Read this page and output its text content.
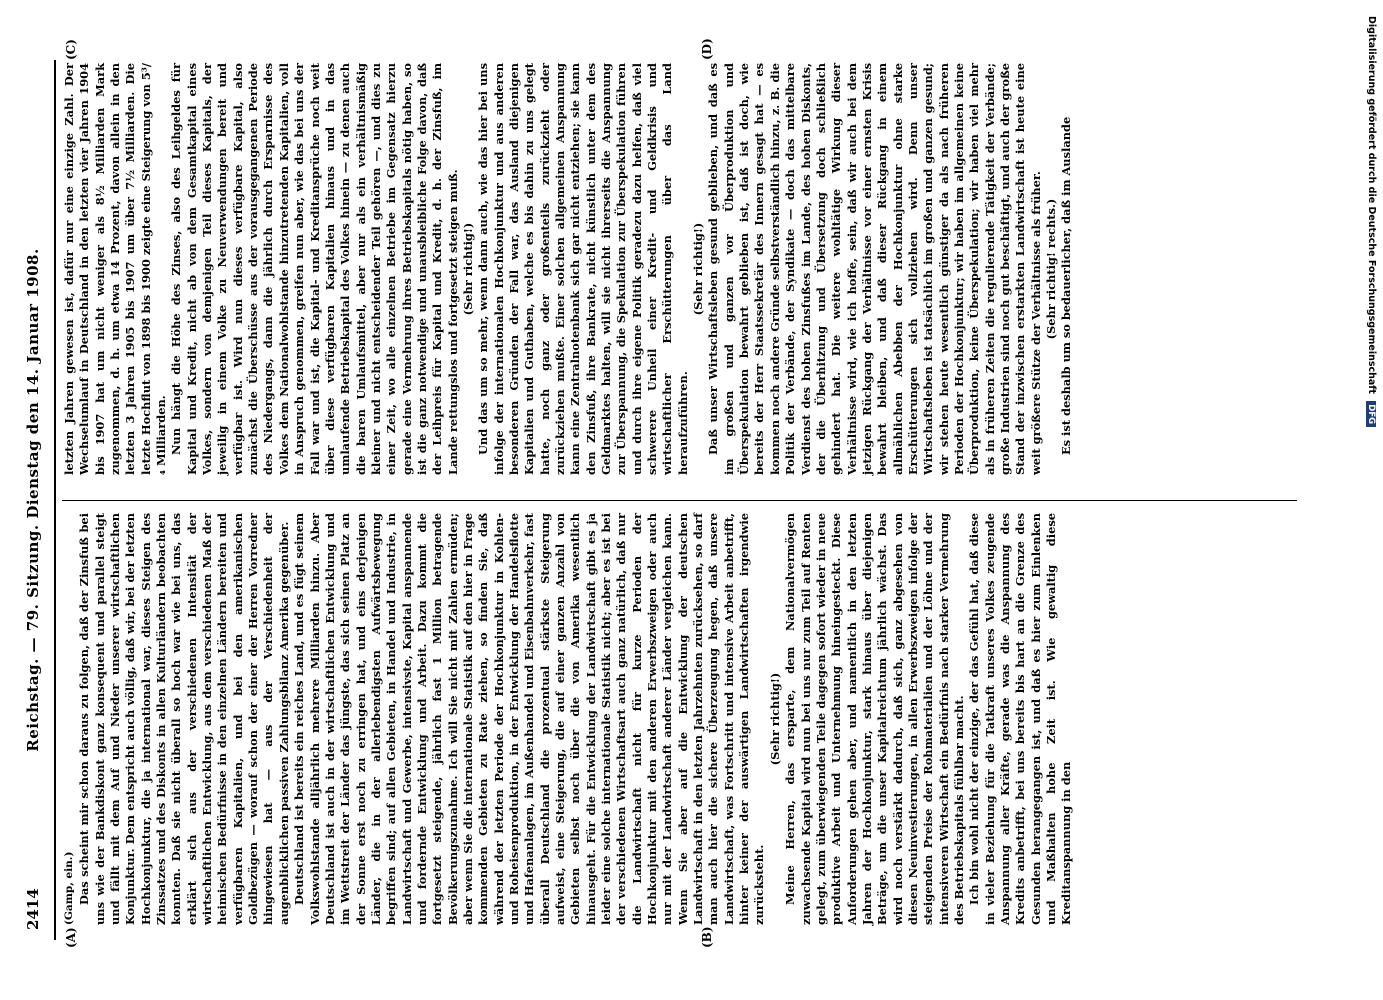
2414
Reichstag. — 79. Sitzung. Dienstag den 14. Januar 1908.
(A)	(B)
(C)	(D)

(Gamp, ein.) Das scheint mir schon daraus zu folgen, daß der Zinsfuß bei uns wie der Bankdiskont ganz konsequent und parallel steigt und fällt mit dem Auf und Nieder unserer wirtschaftlichen Konjunktur. Dem entspricht auch völlig, daß wir, bei der letzten Hochkonjunktur, die ja international war, dieses Steigen des Zinssatzes und des Diskonts in allen Kulturländern beobachten konnten. Daß sie nicht überall so hoch war wie bei uns, das erklärt sich aus der verschiedenen Intensität der wirtschaftlichen Entwicklung, aus dem verschiedenen Maß der heimischen Bedürfnisse in den einzelnen Ländern bereiten und verfügbaren Kapitalien, und bei den amerikanischen Goldbezügen — worauf schon der einer der Herren Vorredner hingewiesen hat — aus der Verschiedenheit der augenblicklichen passiven Zahlungsbilanz Amerika gegenüber. Deutschland ist bereits ein reiches Land, und es fügt seinem Volkswohlstande alljährlich mehrere Milliarden hinzu. Aber Deutschland ist auch in der wirtschaftlichen Entwicklung und im Wettstreit der Länder das jüngste, das sich seinen Platz an der Sonne erst noch zu erringen hat, und eins derjenigen Länder, die in der allerlebendigsten Aufwärtsbewegung begriffen sind; auf allen Gebieten, in Handel und Industrie, in Landwirtschaft und Gewerbe, intensivste, Kapital anspannende und fordernde Entwicklung und Arbeit. Dazu kommt die fortgesetzt steigende, jährlich fast 1 Million betragende Bevölkerungszunahme. Ich will Sie nicht mit Zahlen ermüden; aber wenn Sie die internationale Statistik auf den hier in Frage kommenden Gebieten zu Rate ziehen, so finden Sie, daß während der letzten Periode der Hochkonjunktur in Kohlen- und Roheisenproduktion, in der Entwicklung der Handelsflotte und Hafenanlagen, im Außenhandel und Eisenbahnverkehr, fast überall Deutschland die prozentual stärkste Steigerung aufweist, eine Steigerung, die auf einer ganzen Anzahl von Gebieten selbst noch über die von Amerika wesentlich hinausgeht. Für die Entwicklung der Landwirtschaft gibt es ja leider eine solche internationale Statistik nicht; aber es ist bei der verschiedenen Wirtschaftsart auch ganz natürlich, daß nur die Landwirtschaft nicht für kurze Perioden der Hochkonjunktur mit den anderen Erwerbszweigen oder auch nur mit der Landwirtschaft anderer Länder vergleichen kann. Wenn Sie aber auf die Entwicklung der deutschen Landwirtschaft in den letzten Jahrzehnten zurücksehen, so darf man auch hier die sichere Überzeugung hegen, daß unsere Landwirtschaft, was Fortschritt und intensive Arbeit anbetrifft, hinter keiner der auswärtigen Landwirtschaften irgendwie zurücksteht.

(Sehr richtig!) Meine Herren, das ersparte, dem Nationalvermögen zuwachsende Kapital wird nun bei uns nur zum Teil auf Renten gelegt, zum überwiegenden Teile dagegen sofort wieder in neue produktive Arbeit und Unternehmung hineingesteckt. Diese Anforderungen gehen aber, und namentlich in den letzten Jahren der Hochkonjunktur, stark hinaus über diejenigen Beträge, um die unser Kapitalreichtum jährlich wächst. Das wird noch verstärkt dadurch, daß sich, ganz abgesehen von diesen Neuinvestierungen, in allen Erwerbszweigen infolge der steigenden Preise der Rohmaterialien und der Löhne und der intensiveren Wirtschaft ein Bedürfnis nach starker Vermehrung des Betriebskapitals fühlbar macht. Ich bin wohl nicht der einzige, der das Gefühl hat, daß diese in vieler Beziehung für die Tatkraft unseres Volkes zeugende Anspannung aller Kräfte, gerade was die Anspannung des Kredits anbetrifft, bei uns bereits bis hart an die Grenze des Gesunden herangegangen ist, und daß es hier zum Einlenken und Maßhalten hohe Zeit ist. Wie gewaltig diese Kreditanspannung in den

letzten Jahren gewesen ist, dafür nur eine einzige Zahl. Der Wechselumlauf in Deutschland in den letzten vier Jahren 1904 bis 1907 hat um nicht weniger als 8½ Milliarden Mark zugenommen, d. h. um etwa 14 Prozent, davon allein in den letzten 3 Jahren 1905 bis 1907 um über 7½ Milliarden. Die letzte Hochflut von 1898 bis 1900 zeigte eine Steigerung von 5³/₄ Milliarden. Nun hängt die Höhe des Zinses, also des Leihgeldes für Kapital und Kredit, nicht ab von dem Gesamtkapital eines Volkes, sondern von demjenigen Teil dieses Kapitals, der jeweilig in einem Volke zu Neuverwendungen bereit und verfügbar ist. Wird nun dieses verfügbare Kapital, also zunächst die Überschüsse aus der vorausgegangenen Periode des Niedergangs, dann die jährlich durch Ersparnisse des Volkes dem Nationalwohlstande hinzutretenden Kapitalien, voll in Anspruch genommen, greifen nun aber, wie das bei uns der Fall war und ist, die Kapital- und Kreditansprüche noch weit über diese verfügbaren Kapitalien hinaus und in das umlaufende Betriebskapital des Volkes hinein — zu denen auch die baren Umlaufsmittel, aber nur als ein verhältnismäßig kleiner und nicht entscheidender Teil gehören —, und dies zu einer Zeit, wo alle einzelnen Betriebe im Gegensatz hierzu gerade eine Vermehrung ihres Betriebskapitals nötig haben, so ist die ganz notwendige und unausbleibliche Folge davon, daß der Leihpreis für Kapital und Kredit, d. h. der Zinsfuß, im Lande rettungslos und fortgesetzt steigen muß. (Sehr richtig!) Und das um so mehr, wenn dann auch, wie das hier bei uns infolge der internationalen Hochkonjunktur und aus anderen besonderen Gründen der Fall war, das Ausland diejenigen Kapitalien und Guthaben, welche es bis dahin zu uns gelegt hatte, noch ganz oder großenteils zurückzieht oder zurückziehen mußte. Einer solchen allgemeinen Anspannung kann eine Zentralnotenbank sich gar nicht entziehen; sie kann den Zinsfuß, ihre Bankrate, nicht künstlich unter dem des Geldmarktes halten, will sie nicht ihrerseits die Anspannung zur Überspannung, die Spekulation zur Überspekulation führen und durch ihre eigene Politik geradezu dazu helfen, daß viel schwerere Unheil einer Kredit- und Geldkrisis und wirtschaftlicher Erschütterungen über das Land heraufzuführen.

(Sehr richtig!) Daß unser Wirtschaftsleben gesund geblieben, und daß es im großen und ganzen vor Überproduktion und Überspekulation bewahrt geblieben ist, daß ist doch, wie bereits der Herr Staatssekretär des Innern gesagt hat — es kommen noch andere Gründe selbstverständlich hinzu, z. B. die Politik der Verbände, der Syndikate — doch das mittelbare Verdienst des hohen Zinsfußes im Lande, des hohen Diskonts, der die Überhitzung und Übersetzung doch schließlich gehindert hat. Die weitere wohltätige Wirkung dieser Verhältnisse wird, wie ich hoffe, sein, daß wir auch bei dem jetzigen Rückgang der Verhältnisse vor einer ernsten Krisis bewahrt bleiben, und daß dieser Rückgang in einem allmählichen Abebben der Hochkonjunktur ohne starke Erschütterungen sich vollziehen wird. Denn unser Wirtschaftsleben ist tatsächlich im großen und ganzen gesund; wir stehen heute wesentlich günstiger da als nach früheren Perioden der Hochkonjunktur; wir haben im allgemeinen keine Überproduktion, keine Überspekulation; wir haben viel mehr als in früheren Zeiten die regulierende Tätigkeit der Verbände; große Industrien sind noch gut beschäftigt, und auch der große Stand der inzwischen erstarkten Landwirtschaft ist heute eine weit größere Stütze der Verhältnisse als früher. (Sehr richtig! rechts.) Es ist deshalb um so bedauerlicher, daß im Auslande	Digitalisierung gefördert durch die Deutsche Forschungsgemeinschaft DFG
